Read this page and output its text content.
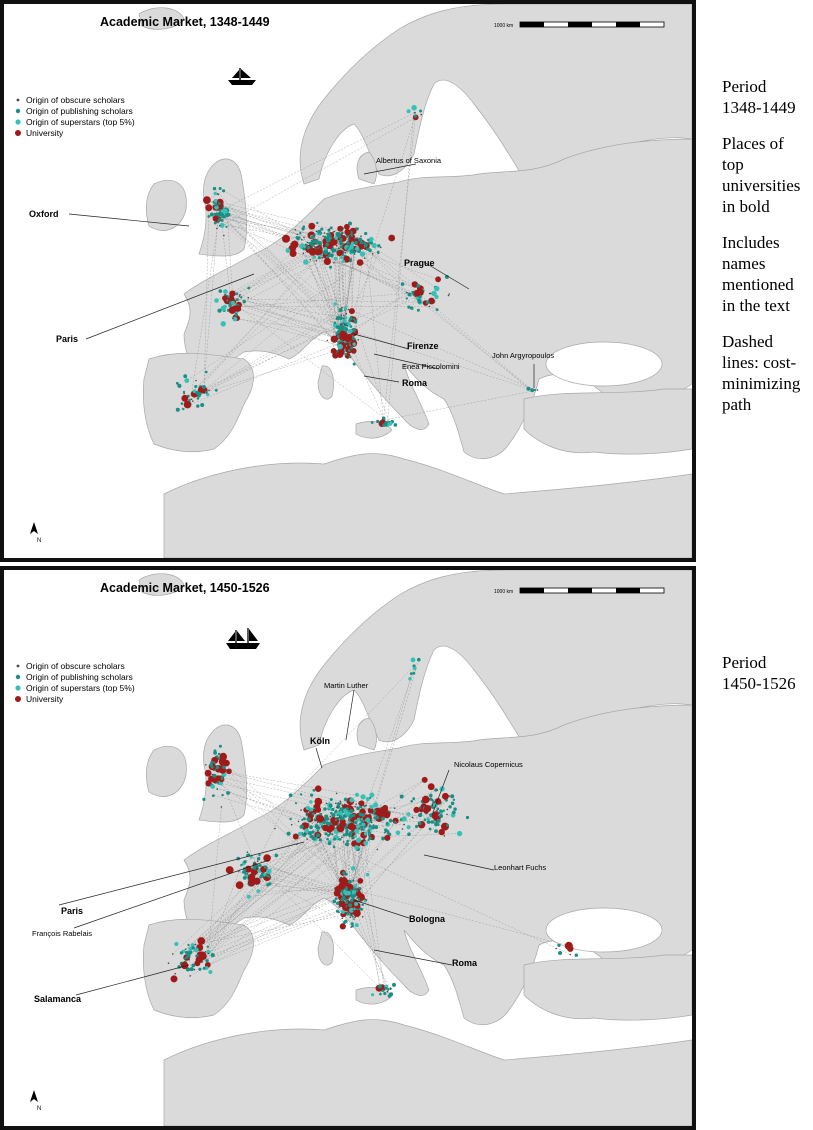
Academic Market, 1348-1449	1000 km
Origin of obscure scholars
Origin of publishing scholars
Origin of superstars (top 5%)
University
Oxford
Prague
Paris
Firenze
Roma
Albertus of Saxonia
Enea Piccolomini
John Argyropoulos
N
Academic Market, 1450-1526	1000 km
Origin of obscure scholars
Origin of publishing scholars
Origin of superstars (top 5%)
University
Köln
Paris
Bologna
Roma
Salamanca
Martin Luther
Nicolaus Copernicus
Leonhart Fuchs
François Rabelais
N
Period
1348-1449
Places of
top
universities
in bold
Includes
names
mentioned
in the text
Dashed
lines: cost-
minimizing
path
Period
1450-1526
